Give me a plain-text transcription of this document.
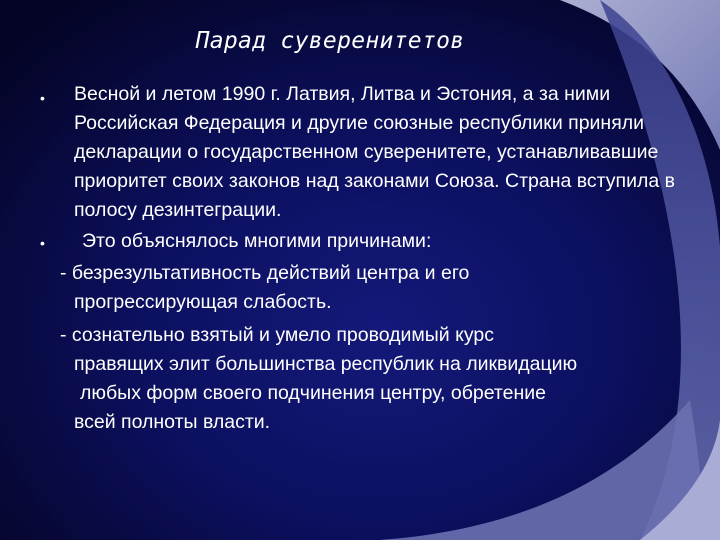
Парад суверенитетов
• Весной и летом 1990 г. Латвия, Литва и Эстония, а за ними Российская Федерация и другие союзные республики приняли декларации о государственном суверенитете, устанавливавшие приоритет своих законов над законами Союза. Страна вступила в полосу дезинтеграции.
• Это объяснялось многими причинами:
- безрезультативность действий центра и его
прогрессирующая слабость.
- сознательно взятый и умело проводимый курс
правящих элит большинства республик на ликвидацию
любых форм своего подчинения центру, обретение
всей полноты власти.
